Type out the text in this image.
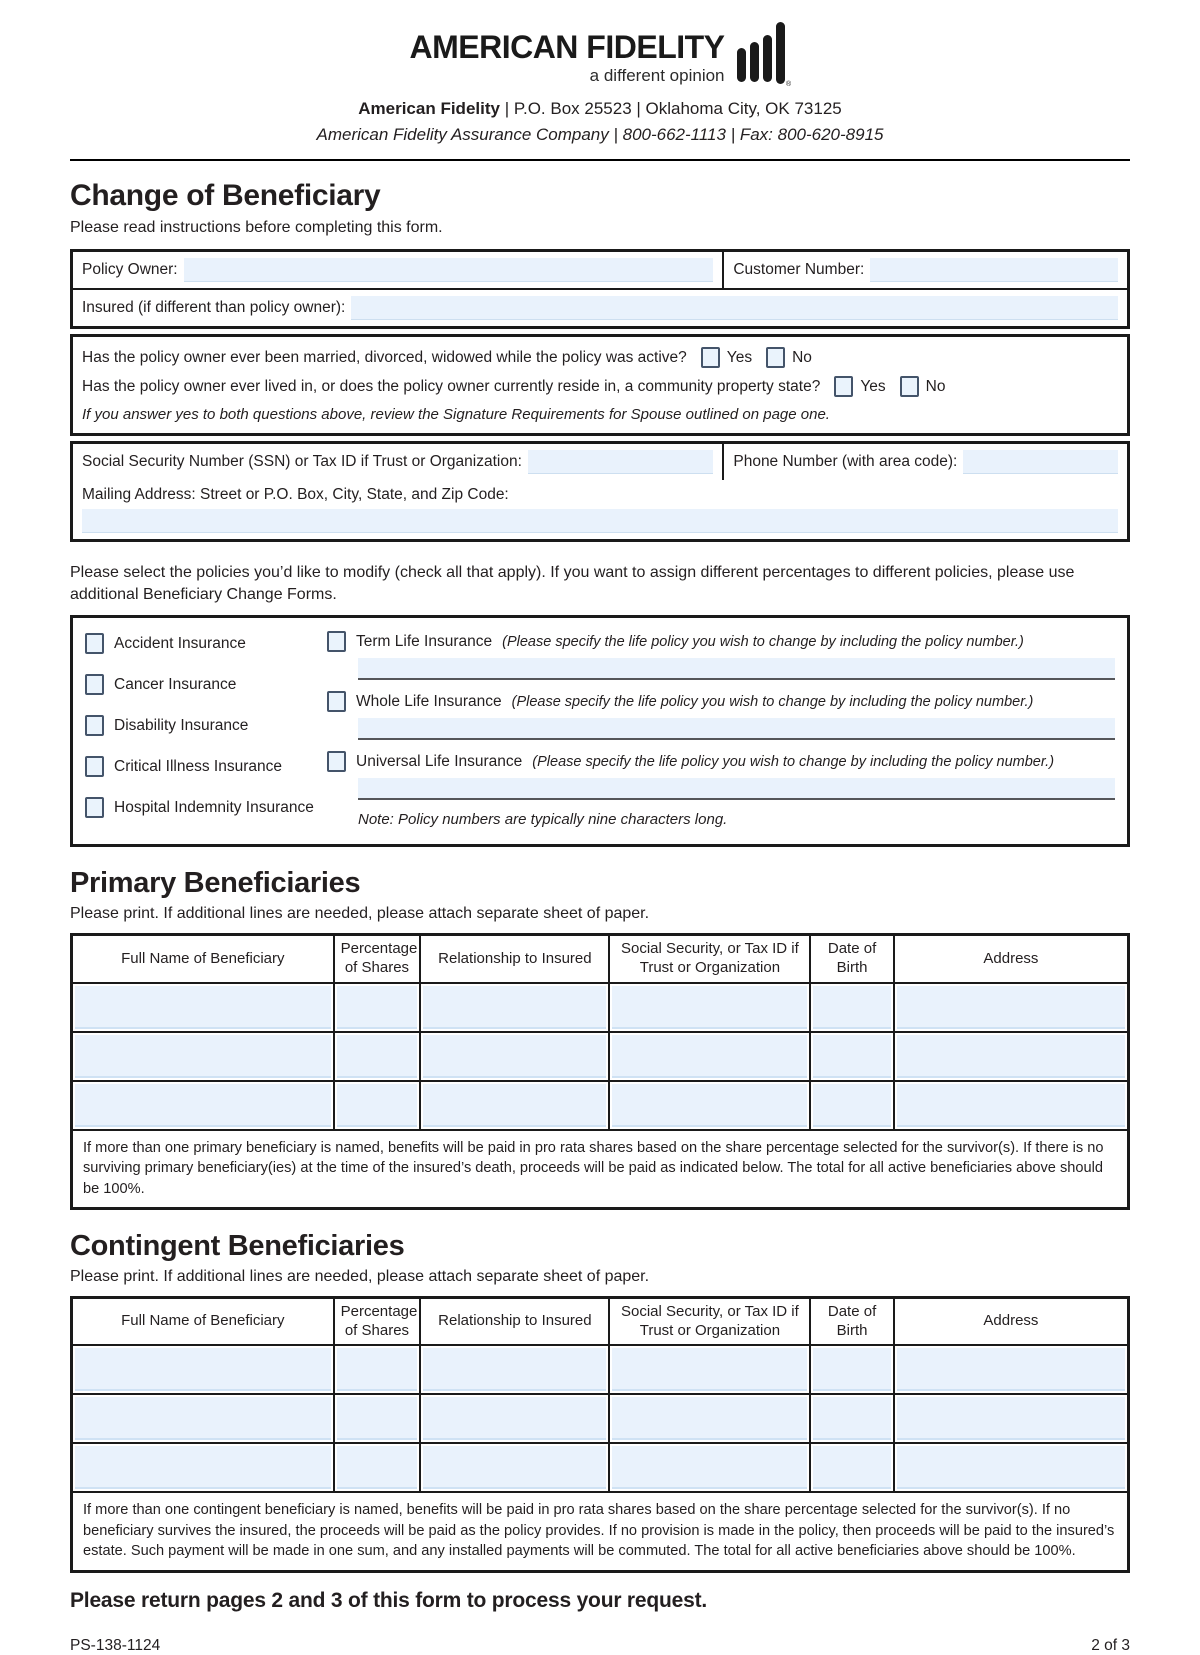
AMERICAN FIDELITY
a different opinion	®
American Fidelity | P.O. Box 25523 | Oklahoma City, OK 73125
American Fidelity Assurance Company | 800-662-1113 | Fax: 800-620-8915
Change of Beneficiary
Please read instructions before completing this form.
Policy Owner:	Customer Number:
Insured (if different than policy owner):
Has the policy owner ever been married, divorced, widowed while the policy was active?	Yes	No
Has the policy owner ever lived in, or does the policy owner currently reside in, a community property state?	Yes	No
If you answer yes to both questions above, review the Signature Requirements for Spouse outlined on page one.
Social Security Number (SSN) or Tax ID if Trust or Organization:	Phone Number (with area code):
Mailing Address: Street or P.O. Box, City, State, and Zip Code:
Please select the policies you’d like to modify (check all that apply). If you want to assign different percentages to different policies, please use additional Beneficiary Change Forms.
Accident Insurance
Cancer Insurance
Disability Insurance
Critical Illness Insurance
Hospital Indemnity Insurance
Term Life Insurance (Please specify the life policy you wish to change by including the policy number.)
Whole Life Insurance (Please specify the life policy you wish to change by including the policy number.)
Universal Life Insurance (Please specify the life policy you wish to change by including the policy number.)
Note: Policy numbers are typically nine characters long.
Primary Beneficiaries
Please print. If additional lines are needed, please attach separate sheet of paper.
Full Name of Beneficiary	Percentage of Shares	Relationship to Insured	Social Security, or Tax ID if Trust or Organization	Date of Birth	Address

If more than one primary beneficiary is named, benefits will be paid in pro rata shares based on the share percentage selected for the survivor(s). If there is no surviving primary beneficiary(ies) at the time of the insured’s death, proceeds will be paid as indicated below. The total for all active beneficiaries above should be 100%.					
Contingent Beneficiaries
Please print. If additional lines are needed, please attach separate sheet of paper.
Full Name of Beneficiary	Percentage of Shares	Relationship to Insured	Social Security, or Tax ID if Trust or Organization	Date of Birth	Address

If more than one contingent beneficiary is named, benefits will be paid in pro rata shares based on the share percentage selected for the survivor(s). If no beneficiary survives the insured, the proceeds will be paid as the policy provides. If no provision is made in the policy, then proceeds will be paid to the insured’s estate. Such payment will be made in one sum, and any installed payments will be commuted. The total for all active beneficiaries above should be 100%.					
Please return pages 2 and 3 of this form to process your request.
PS-138-1124	2 of 3
